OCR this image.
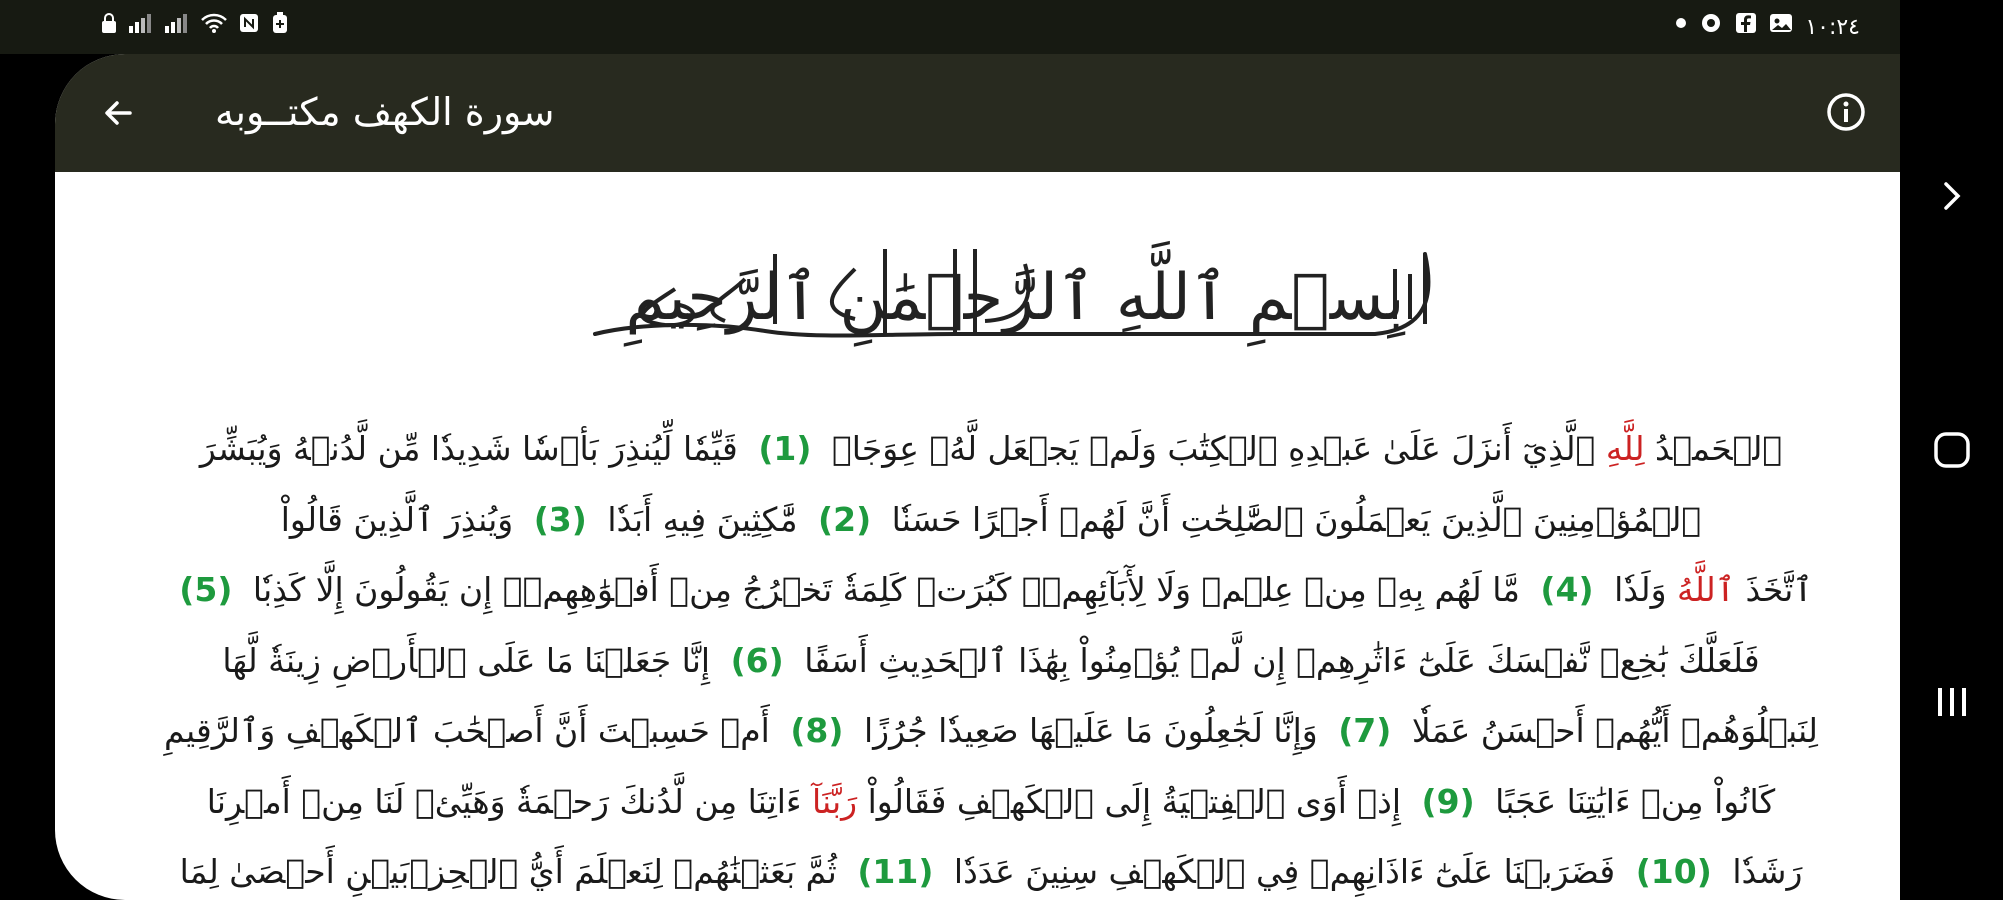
١٠:٢٤
سورة الكهف مكتــوبه
بِسۡمِ ٱللَّهِ ٱلرَّحۡمَٰنِ ٱلرَّحِيمِ
ٱلۡحَمۡدُ لِلَّهِ ٱلَّذِيٓ أَنزَلَ عَلَىٰ عَبۡدِهِ ٱلۡكِتَٰبَ وَلَمۡ يَجۡعَل لَّهُۥ عِوَجَاۜ (1) قَيِّمٗا لِّيُنذِرَ بَأۡسٗا شَدِيدٗا مِّن لَّدُنۡهُ وَيُبَشِّرَ
ٱلۡمُؤۡمِنِينَ ٱلَّذِينَ يَعۡمَلُونَ ٱلصَّٰلِحَٰتِ أَنَّ لَهُمۡ أَجۡرًا حَسَنٗا (2) مَّٰكِثِينَ فِيهِ أَبَدٗا (3) وَيُنذِرَ ٱلَّذِينَ قَالُواْ
ٱتَّخَذَ ٱللَّهُ وَلَدٗا (4) مَّا لَهُم بِهِۦ مِنۡ عِلۡمٖ وَلَا لِأٓبَآئِهِمۡۚ كَبُرَتۡ كَلِمَةٗ تَخۡرُجُ مِنۡ أَفۡوَٰهِهِمۡۚ إِن يَقُولُونَ إِلَّا كَذِبٗا (5)
فَلَعَلَّكَ بَٰخِعٞ نَّفۡسَكَ عَلَىٰٓ ءَاثَٰرِهِمۡ إِن لَّمۡ يُؤۡمِنُواْ بِهَٰذَا ٱلۡحَدِيثِ أَسَفًا (6) إِنَّا جَعَلۡنَا مَا عَلَى ٱلۡأَرۡضِ زِينَةٗ لَّهَا
لِنَبۡلُوَهُمۡ أَيُّهُمۡ أَحۡسَنُ عَمَلٗا (7) وَإِنَّا لَجَٰعِلُونَ مَا عَلَيۡهَا صَعِيدٗا جُرُزًا (8) أَمۡ حَسِبۡتَ أَنَّ أَصۡحَٰبَ ٱلۡكَهۡفِ وَٱلرَّقِيمِ
كَانُواْ مِنۡ ءَايَٰتِنَا عَجَبًا (9) إِذۡ أَوَى ٱلۡفِتۡيَةُ إِلَى ٱلۡكَهۡفِ فَقَالُواْ رَبَّنَآ ءَاتِنَا مِن لَّدُنكَ رَحۡمَةٗ وَهَيِّئۡ لَنَا مِنۡ أَمۡرِنَا
رَشَدٗا (10) فَضَرَبۡنَا عَلَىٰٓ ءَاذَانِهِمۡ فِي ٱلۡكَهۡفِ سِنِينَ عَدَدٗا (11) ثُمَّ بَعَثۡنَٰهُمۡ لِنَعۡلَمَ أَيُّ ٱلۡحِزۡبَيۡنِ أَحۡصَىٰ لِمَا
